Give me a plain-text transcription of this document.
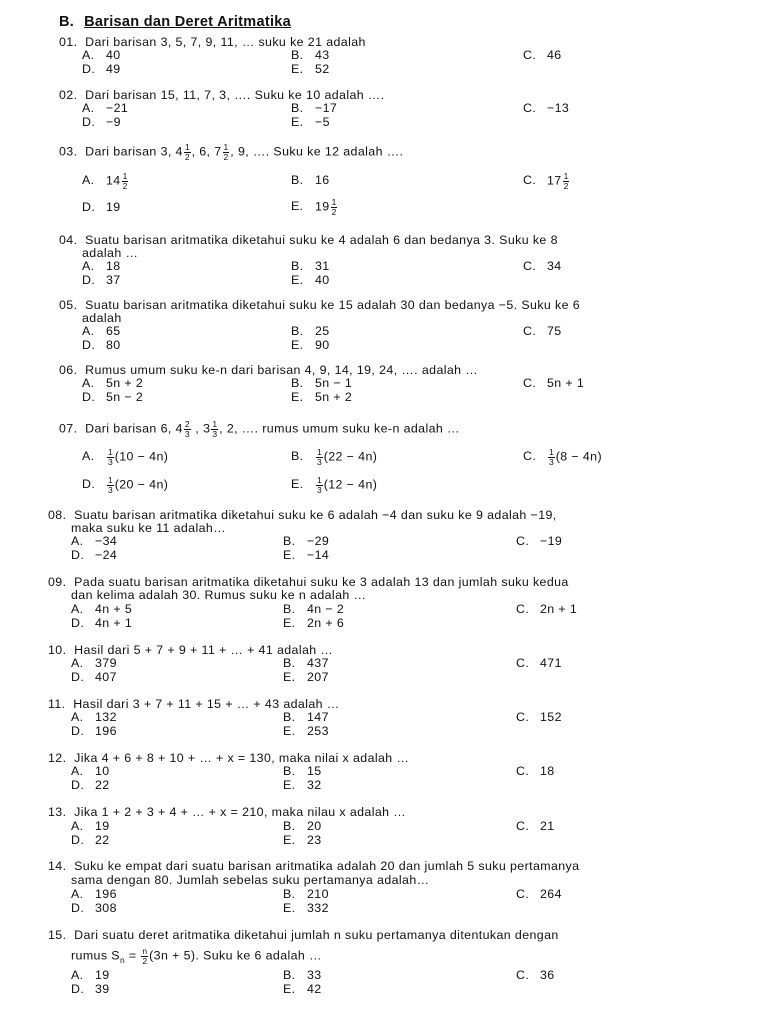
B. Barisan dan Deret Aritmatika
01. Dari barisan 3, 5, 7, 9, 11, … suku ke 21 adalah
A. 40	B. 43	C. 46
D. 49	E. 52
02. Dari barisan 15, 11, 7, 3, …. Suku ke 10 adalah ….
A. −21	B. −17	C. −13
D. −9	E. −5
03. Dari barisan 3, $4 \frac{1}{2}$ , 6, $7 \frac{1}{2}$ , 9, …. Suku ke 12 adalah ….
A. $14 \frac{1}{2}$	B. 16	C. $17 \frac{1}{2}$
D. 19	E. $19 \frac{1}{2}$
04. Suatu barisan aritmatika diketahui suku ke 4 adalah 6 dan bedanya 3. Suku ke 8
adalah …
A. 18	B. 31	C. 34
D. 37	E. 40
05. Suatu barisan aritmatika diketahui suku ke 15 adalah 30 dan bedanya −5. Suku ke 6
adalah
A. 65	B. 25	C. 75
D. 80	E. 90
06. Rumus umum suku ke-n dari barisan 4, 9, 14, 19, 24, …. adalah …
A. 5n + 2	B. 5n − 1	C. 5n + 1
D. 5n − 2	E. 5n + 2
07. Dari barisan 6, $4 \frac{2}{3}$ , $3 \frac{1}{3}$ , 2, …. rumus umum suku ke-n adalah …
A. $\frac{1}{3} (10 - 4n)$	B. $\frac{1}{3} (22 - 4n)$	C. $\frac{1}{3} (8 - 4n)$
D. $\frac{1}{3} (20 - 4n)$	E. $\frac{1}{3} (12 - 4n)$
08. Suatu barisan aritmatika diketahui suku ke 6 adalah −4 dan suku ke 9 adalah −19,
maka suku ke 11 adalah…
A. −34	B. −29	C. −19
D. −24	E. −14
09. Pada suatu barisan aritmatika diketahui suku ke 3 adalah 13 dan jumlah suku kedua
dan kelima adalah 30. Rumus suku ke n adalah …
A. 4n + 5	B. 4n − 2	C. 2n + 1
D. 4n + 1	E. 2n + 6
10. Hasil dari 5 + 7 + 9 + 11 + … + 41 adalah …
A. 379	B. 437	C. 471
D. 407	E. 207
11. Hasil dari 3 + 7 + 11 + 15 + … + 43 adalah …
A. 132	B. 147	C. 152
D. 196	E. 253
12. Jika 4 + 6 + 8 + 10 + … + x = 130, maka nilai x adalah …
A. 10	B. 15	C. 18
D. 22	E. 32
13. Jika 1 + 2 + 3 + 4 + … + x = 210, maka nilau x adalah …
A. 19	B. 20	C. 21
D. 22	E. 23
14. Suku ke empat dari suatu barisan aritmatika adalah 20 dan jumlah 5 suku pertamanya
sama dengan 80. Jumlah sebelas suku pertamanya adalah…
A. 196	B. 210	C. 264
D. 308	E. 332
15. Dari suatu deret aritmatika diketahui jumlah n suku pertamanya ditentukan dengan
rumus $S_n = \frac{n}{2} (3n + 5)$. Suku ke 6 adalah …
A. 19	B. 33	C. 36
D. 39	E. 42
